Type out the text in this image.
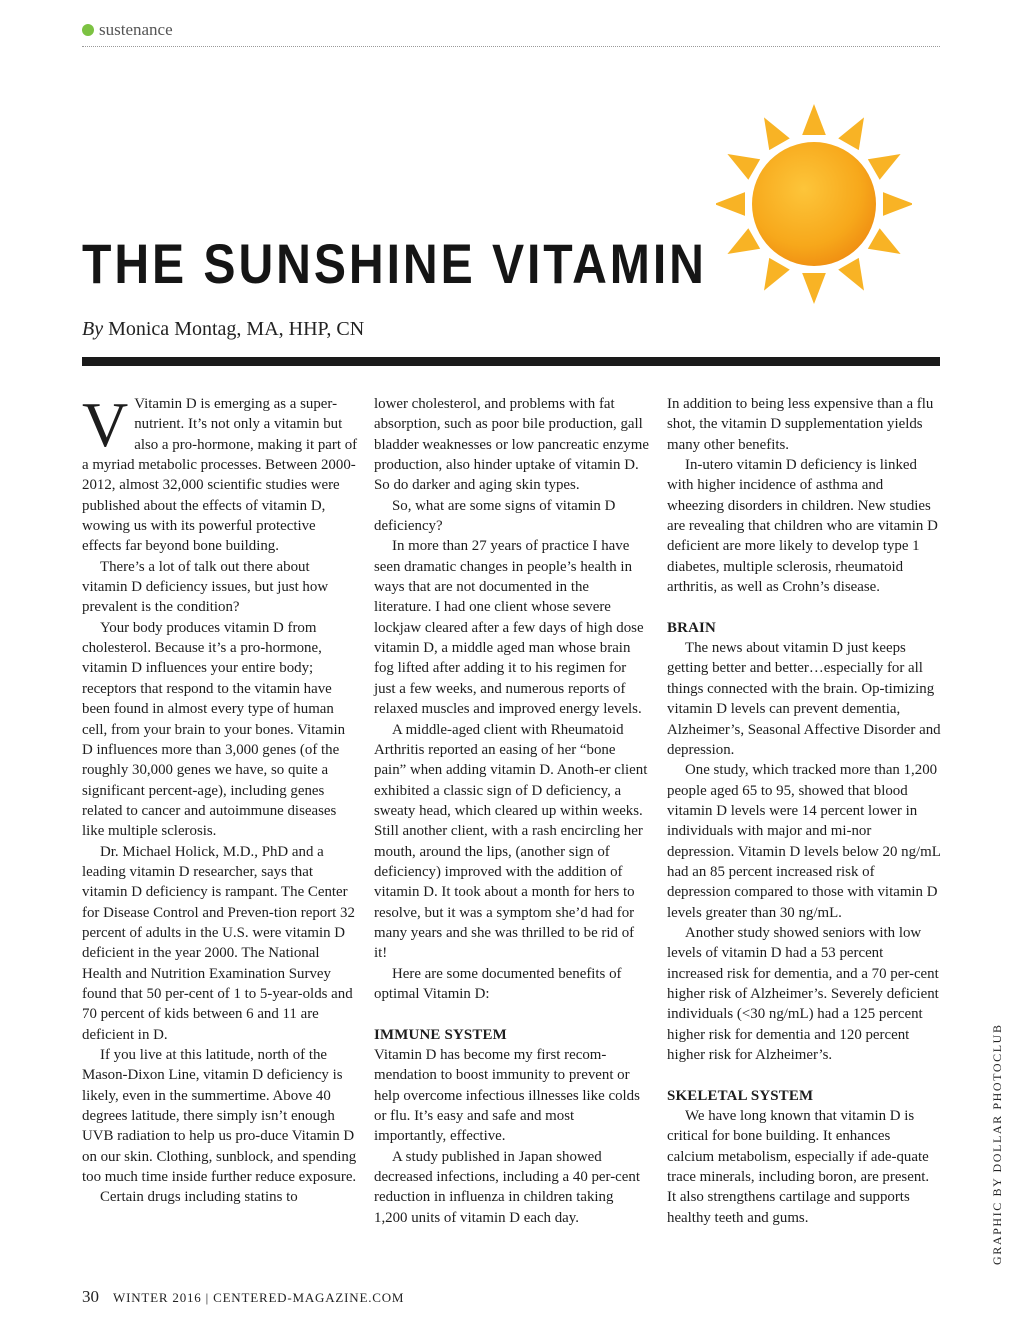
sustenance
THE SUNSHINE VITAMIN
By Monica Montag, MA, HHP, CN
V Vitamin D is emerging as a super-nutrient. It’s not only a vitamin but also a pro-hormone, making it part of a myriad metabolic processes. Between 2000-2012, almost 32,000 scientific studies were published about the effects of vitamin D, wowing us with its powerful protective effects far beyond bone building.

There’s a lot of talk out there about vitamin D deficiency issues, but just how prevalent is the condition?

Your body produces vitamin D from cholesterol. Because it’s a pro-hormone, vitamin D influences your entire body; receptors that respond to the vitamin have been found in almost every type of human cell, from your brain to your bones. Vitamin D influences more than 3,000 genes (of the roughly 30,000 genes we have, so quite a significant percent-age), including genes related to cancer and autoimmune diseases like multiple sclerosis.

Dr. Michael Holick, M.D., PhD and a leading vitamin D researcher, says that vitamin D deficiency is rampant. The Center for Disease Control and Preven-tion report 32 percent of adults in the U.S. were vitamin D deficient in the year 2000. The National Health and Nutrition Examination Survey found that 50 per-cent of 1 to 5-year-olds and 70 percent of kids between 6 and 11 are deficient in D.

If you live at this latitude, north of the Mason-Dixon Line, vitamin D deficiency is likely, even in the summertime. Above 40 degrees latitude, there simply isn’t enough UVB radiation to help us pro-duce Vitamin D on our skin. Clothing, sunblock, and spending too much time inside further reduce exposure.

Certain drugs including statins to

lower cholesterol, and problems with fat absorption, such as poor bile production, gall bladder weaknesses or low pancreatic enzyme production, also hinder uptake of vitamin D. So do darker and aging skin types.

So, what are some signs of vitamin D deficiency?

In more than 27 years of practice I have seen dramatic changes in people’s health in ways that are not documented in the literature. I had one client whose severe lockjaw cleared after a few days of high dose vitamin D, a middle aged man whose brain fog lifted after adding it to his regimen for just a few weeks, and numerous reports of relaxed muscles and improved energy levels.

A middle-aged client with Rheumatoid Arthritis reported an easing of her “bone pain” when adding vitamin D. Anoth-er client exhibited a classic sign of D deficiency, a sweaty head, which cleared up within weeks. Still another client, with a rash encircling her mouth, around the lips, (another sign of deficiency) improved with the addition of vitamin D. It took about a month for hers to resolve, but it was a symptom she’d had for many years and she was thrilled to be rid of it!

Here are some documented benefits of optimal Vitamin D:

IMMUNE SYSTEM

Vitamin D has become my first recom-mendation to boost immunity to prevent or help overcome infectious illnesses like colds or flu. It’s easy and safe and most importantly, effective.

A study published in Japan showed decreased infections, including a 40 per-cent reduction in influenza in children taking 1,200 units of vitamin D each day.

In addition to being less expensive than a flu shot, the vitamin D supplementation yields many other benefits.

In-utero vitamin D deficiency is linked with higher incidence of asthma and wheezing disorders in children. New studies are revealing that children who are vitamin D deficient are more likely to develop type 1 diabetes, multiple sclerosis, rheumatoid arthritis, as well as Crohn’s disease.

BRAIN

The news about vitamin D just keeps getting better and better…especially for all things connected with the brain. Op-timizing vitamin D levels can prevent dementia, Alzheimer’s, Seasonal Affective Disorder and depression.

One study, which tracked more than 1,200 people aged 65 to 95, showed that blood vitamin D levels were 14 percent lower in individuals with major and mi-nor depression. Vitamin D levels below 20 ng/mL had an 85 percent increased risk of depression compared to those with vitamin D levels greater than 30 ng/mL.

Another study showed seniors with low levels of vitamin D had a 53 percent increased risk for dementia, and a 70 per-cent higher risk of Alzheimer’s. Severely deficient individuals (<30 ng/mL) had a 125 percent higher risk for dementia and 120 percent higher risk for Alzheimer’s.

SKELETAL SYSTEM

We have long known that vitamin D is critical for bone building. It enhances calcium metabolism, especially if ade-quate trace minerals, including boron, are present. It also strengthens cartilage and supports healthy teeth and gums.

30 WINTER 2016 | CENTERED-MAGAZINE.COM
GRAPHIC BY DOLLAR PHOTOCLUB
